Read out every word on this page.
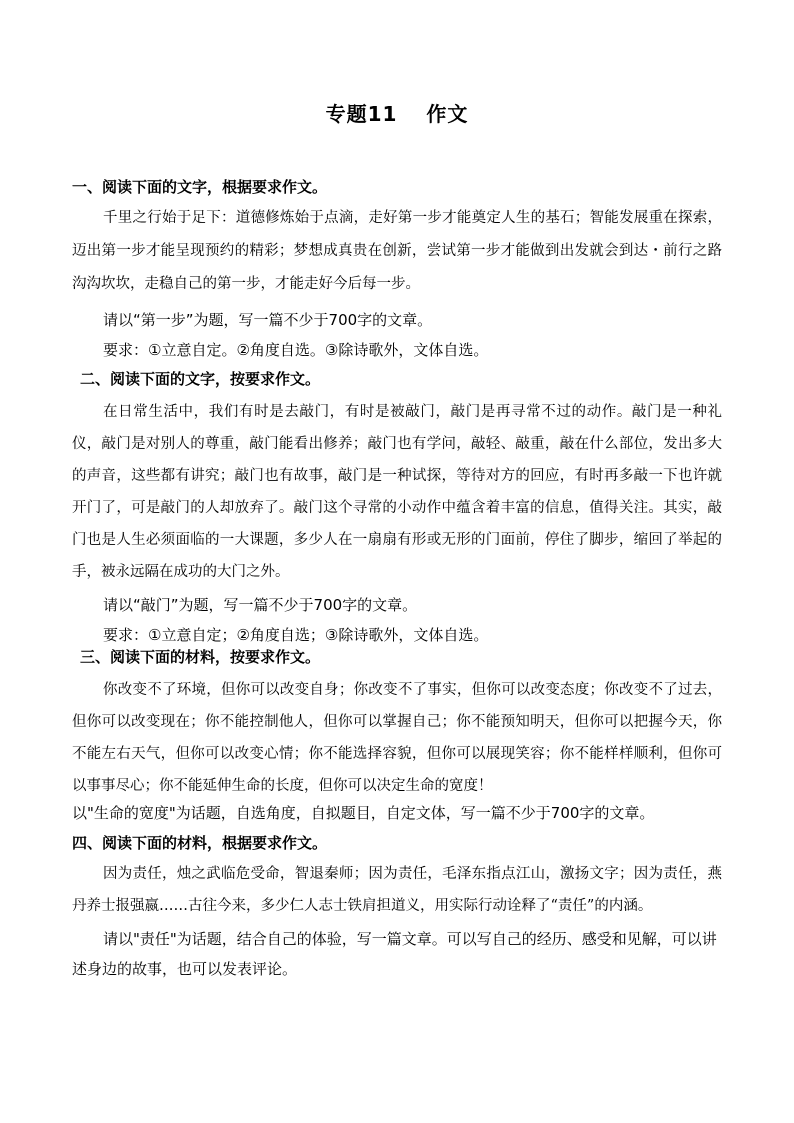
专题11　 作文

一、阅读下面的文字，根据要求作文。

千里之行始于足下：道德修炼始于点滴，走好第一步才能奠定人生的基石；智能发展重在探索，迈出第一步才能呈现预约的精彩；梦想成真贵在创新，尝试第一步才能做到出发就会到达・前行之路沟沟坎坎，走稳自己的第一步，才能走好今后每一步。

请以“第一步”为题，写一篇不少于700字的文章。

要求：①立意自定。②角度自选。③除诗歌外，文体自选。

二、阅读下面的文字，按要求作文。

在日常生活中，我们有时是去敲门，有时是被敲门，敲门是再寻常不过的动作。敲门是一种礼仪，敲门是对别人的尊重，敲门能看出修养；敲门也有学问，敲轻、敲重，敲在什么部位，发出多大的声音，这些都有讲究；敲门也有故事，敲门是一种试探，等待对方的回应，有时再多敲一下也许就开门了，可是敲门的人却放弃了。敲门这个寻常的小动作中蕴含着丰富的信息，值得关注。其实，敲门也是人生必须面临的一大课题，多少人在一扇扇有形或无形的门面前，停住了脚步，缩回了举起的手，被永远隔在成功的大门之外。

请以“敲门”为题，写一篇不少于700字的文章。

要求：①立意自定；②角度自选；③除诗歌外，文体自选。

三、阅读下面的材料，按要求作文。

你改变不了环境，但你可以改变自身；你改变不了事实，但你可以改变态度；你改变不了过去，但你可以改变现在；你不能控制他人，但你可以掌握自己；你不能预知明天，但你可以把握今天，你不能左右天气，但你可以改变心情；你不能选择容貌，但你可以展现笑容；你不能样样顺利，但你可以事事尽心；你不能延伸生命的长度，但你可以决定生命的宽度！

以"生命的宽度"为话题，自选角度，自拟题目，自定文体，写一篇不少于700字的文章。

四、阅读下面的材料，根据要求作文。

因为责任，烛之武临危受命，智退秦师；因为责任，毛泽东指点江山，激扬文字；因为责任，燕丹养士报强嬴……古往今来，多少仁人志士铁肩担道义，用实际行动诠释了“责任”的内涵。

请以"责任"为话题，结合自己的体验，写一篇文章。可以写自己的经历、感受和见解，可以讲述身边的故事，也可以发表评论。
